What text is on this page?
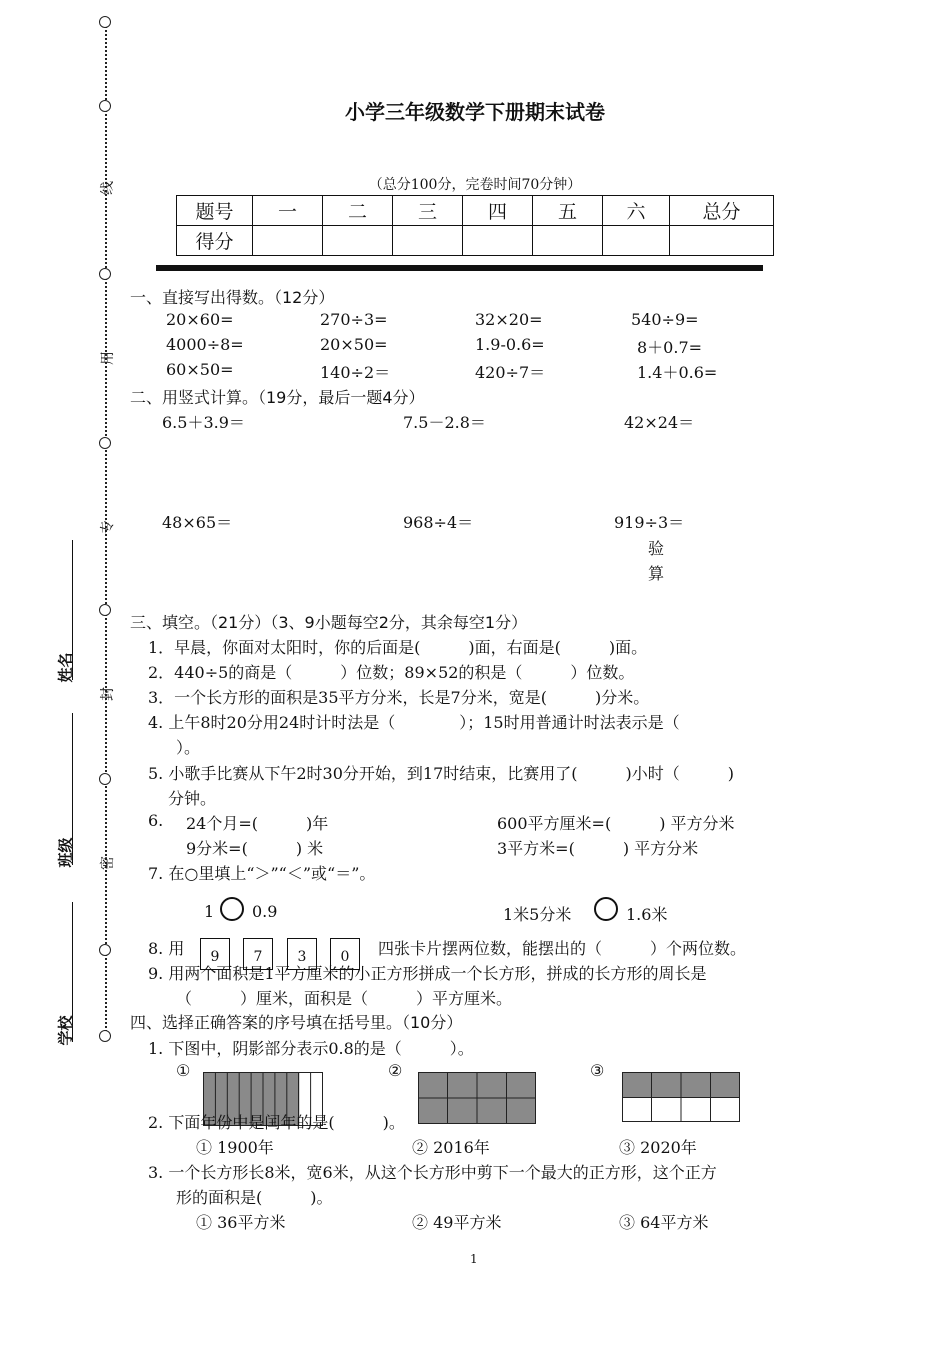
线
用
专
封
密
姓名
班级
学校
小学三年级数学下册期末试卷
（总分100分，完卷时间70分钟）
题号	一	二	三	四	五	六	总分
得分							
一、直接写出得数。（12分）
20×60=	270÷3=	32×20=	540÷9=
4000÷8=	20×50=	1.9-0.6=	8＋0.7=
60×50=	140÷2＝	420÷7＝	1.4＋0.6=
二、用竖式计算。（19分，最后一题4分）
6.5＋3.9＝	7.5－2.8＝	42×24＝
48×65＝	968÷4＝	919÷3＝
验
算
三、填空。（21分）（3、9小题每空2分，其余每空1分）
1．早晨，你面对太阳时，你的后面是(　　　)面，右面是(　　　)面。
2．440÷5的商是（　　　）位数；89×52的积是（　　　）位数。
3．一个长方形的面积是35平方分米，长是7分米，宽是(　　　)分米。
4. 上午8时20分用24时计时法是（　　　　）；15时用普通计时法表示是（
）。
5. 小歌手比赛从下午2时30分开始，到17时结束，比赛用了(　　　)小时（　　　)
分钟。
6. 24个月=(　　　)年	600平方厘米=(　　　) 平方分米
9分米=(　　　) 米	3平方米=(　　　) 平方分米
7. 在○里填上“＞”“＜”或“＝”。
1 0.9	1米5分米	1.6米
8. 用	9	7	3	0	四张卡片摆两位数，能摆出的（　　　）个两位数。
9. 用两个面积是1平方厘米的小正方形拼成一个长方形，拼成的长方形的周长是
（　　　）厘米，面积是（　　　）平方厘米。
四、选择正确答案的序号填在括号里。（10分）
1. 下图中，阴影部分表示0.8的是（　　　）。
①	②	③
2. 下面年份中是闰年的是(　　　)。
① 1900年	② 2016年	③ 2020年
3. 一个长方形长8米，宽6米，从这个长方形中剪下一个最大的正方形，这个正方
形的面积是(　　　)。
① 36平方米	② 49平方米	③ 64平方米
1
